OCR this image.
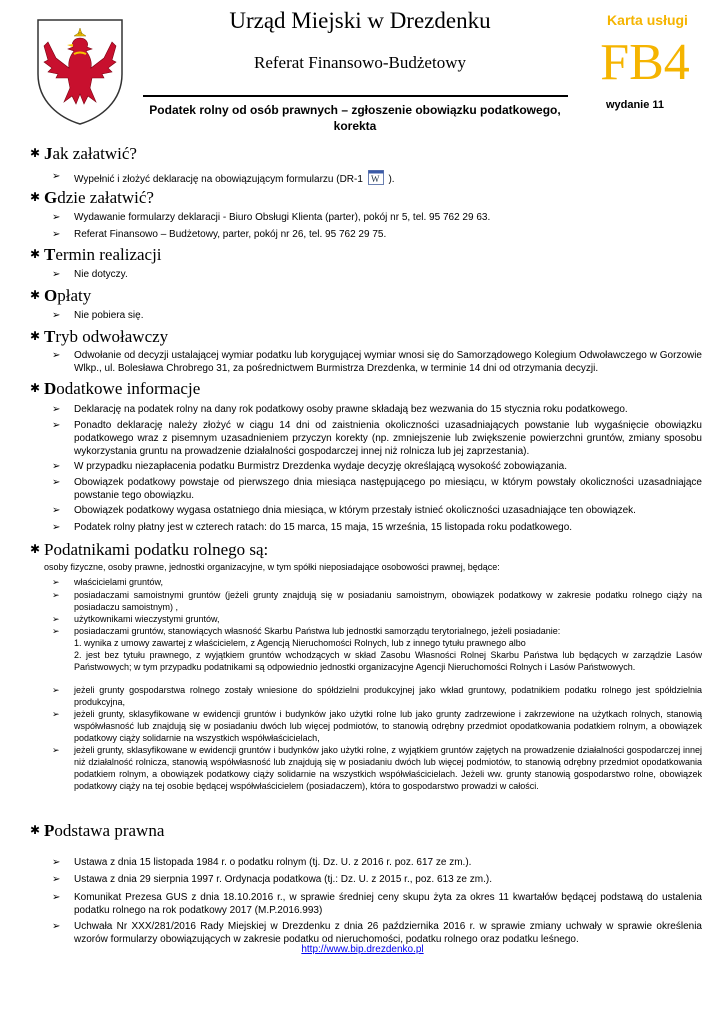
Urząd Miejski w Drezdenku
Referat Finansowo-Budżetowy
Podatek rolny od osób prawnych – zgłoszenie obowiązku podatkowego, korekta
Karta usługi
FB4
wydanie 11
✱ Jak załatwić?
➢ Wypełnić i złożyć deklarację na obowiązującym formularzu (DR-1 W ).
✱ Gdzie załatwić?
➢ Wydawanie formularzy deklaracji - Biuro Obsługi Klienta (parter), pokój nr 5, tel. 95 762 29 63.
➢ Referat Finansowo – Budżetowy, parter, pokój nr 26, tel. 95 762 29 75.
✱ Termin realizacji
➢ Nie dotyczy.
✱ Opłaty
➢ Nie pobiera się.
✱ Tryb odwoławczy
➢ Odwołanie od decyzji ustalającej wymiar podatku lub korygującej wymiar wnosi się do Samorządowego Kolegium Odwoławczego w Gorzowie Wlkp., ul. Bolesława Chrobrego 31, za pośrednictwem Burmistrza Drezdenka, w terminie 14 dni od otrzymania decyzji.
✱ Dodatkowe informacje
➢ Deklarację na podatek rolny na dany rok podatkowy osoby prawne składają bez wezwania do 15 stycznia roku podatkowego.
➢ Ponadto deklarację należy złożyć w ciągu 14 dni od zaistnienia okoliczności uzasadniających powstanie lub wygaśnięcie obowiązku podatkowego wraz z pisemnym uzasadnieniem przyczyn korekty (np. zmniejszenie lub zwiększenie powierzchni gruntów, zmiany sposobu wykorzystania gruntu na prowadzenie działalności gospodarczej innej niż rolnicza lub jej zaprzestania).
➢ W przypadku niezapłacenia podatku Burmistrz Drezdenka wydaje decyzję określającą wysokość zobowiązania.
➢ Obowiązek podatkowy powstaje od pierwszego dnia miesiąca następującego po miesiącu, w którym powstały okoliczności uzasadniające powstanie tego obowiązku.
➢ Obowiązek podatkowy wygasa ostatniego dnia miesiąca, w którym przestały istnieć okoliczności uzasadniające ten obowiązek.
➢ Podatek rolny płatny jest w czterech ratach: do 15 marca, 15 maja, 15 września, 15 listopada roku podatkowego.
✱ Podatnikami podatku rolnego są:
osoby fizyczne, osoby prawne, jednostki organizacyjne, w tym spółki nieposiadające osobowości prawnej, będące:
➢ właścicielami gruntów,
➢ posiadaczami samoistnymi gruntów (jeżeli grunty znajdują się w posiadaniu samoistnym, obowiązek podatkowy w zakresie podatku rolnego ciąży na posiadaczu samoistnym) ,
➢ użytkownikami wieczystymi gruntów,
➢ posiadaczami gruntów, stanowiących własność Skarbu Państwa lub jednostki samorządu terytorialnego, jeżeli posiadanie:
1. wynika z umowy zawartej z właścicielem, z Agencją Nieruchomości Rolnych, lub z innego tytułu prawnego albo
2. jest bez tytułu prawnego, z wyjątkiem gruntów wchodzących w skład Zasobu Własności Rolnej Skarbu Państwa lub będących w zarządzie Lasów Państwowych; w tym przypadku podatnikami są odpowiednio jednostki organizacyjne Agencji Nieruchomości Rolnych i Lasów Państwowych.
➢ jeżeli grunty gospodarstwa rolnego zostały wniesione do spółdzielni produkcyjnej jako wkład gruntowy, podatnikiem podatku rolnego jest spółdzielnia produkcyjna,
➢ jeżeli grunty, sklasyfikowane w ewidencji gruntów i budynków jako użytki rolne lub jako grunty zadrzewione i zakrzewione na użytkach rolnych, stanowią współwłasność lub znajdują się w posiadaniu dwóch lub więcej podmiotów, to stanowią odrębny przedmiot opodatkowania podatkiem rolnym, a obowiązek podatkowy ciąży solidarnie na wszystkich współwłaścicielach,
➢ jeżeli grunty, sklasyfikowane w ewidencji gruntów i budynków jako użytki rolne, z wyjątkiem gruntów zajętych na prowadzenie działalności gospodarczej innej niż działalność rolnicza, stanowią współwłasność lub znajdują się w posiadaniu dwóch lub więcej podmiotów, to stanowią odrębny przedmiot opodatkowania podatkiem rolnym, a obowiązek podatkowy ciąży solidarnie na wszystkich współwłaścicielach. Jeżeli ww. grunty stanowią gospodarstwo rolne, obowiązek podatkowy ciąży na tej osobie będącej współwłaścicielem (posiadaczem), która to gospodarstwo prowadzi w całości.
✱ Podstawa prawna
➢ Ustawa z dnia 15 listopada 1984 r. o podatku rolnym (tj. Dz. U. z 2016 r. poz. 617 ze zm.).
➢ Ustawa z dnia 29 sierpnia 1997 r. Ordynacja podatkowa (tj.: Dz. U. z 2015 r., poz. 613 ze zm.).
➢ Komunikat Prezesa GUS z dnia 18.10.2016 r., w sprawie średniej ceny skupu żyta za okres 11 kwartałów będącej podstawą do ustalenia podatku rolnego na rok podatkowy 2017 (M.P.2016.993)
➢ Uchwała Nr XXX/281/2016 Rady Miejskiej w Drezdenku z dnia 26 października 2016 r. w sprawie zmiany uchwały w sprawie określenia wzorów formularzy obowiązujących w zakresie podatku od nieruchomości, podatku rolnego oraz podatku leśnego.
http://www.bip.drezdenko.pl
